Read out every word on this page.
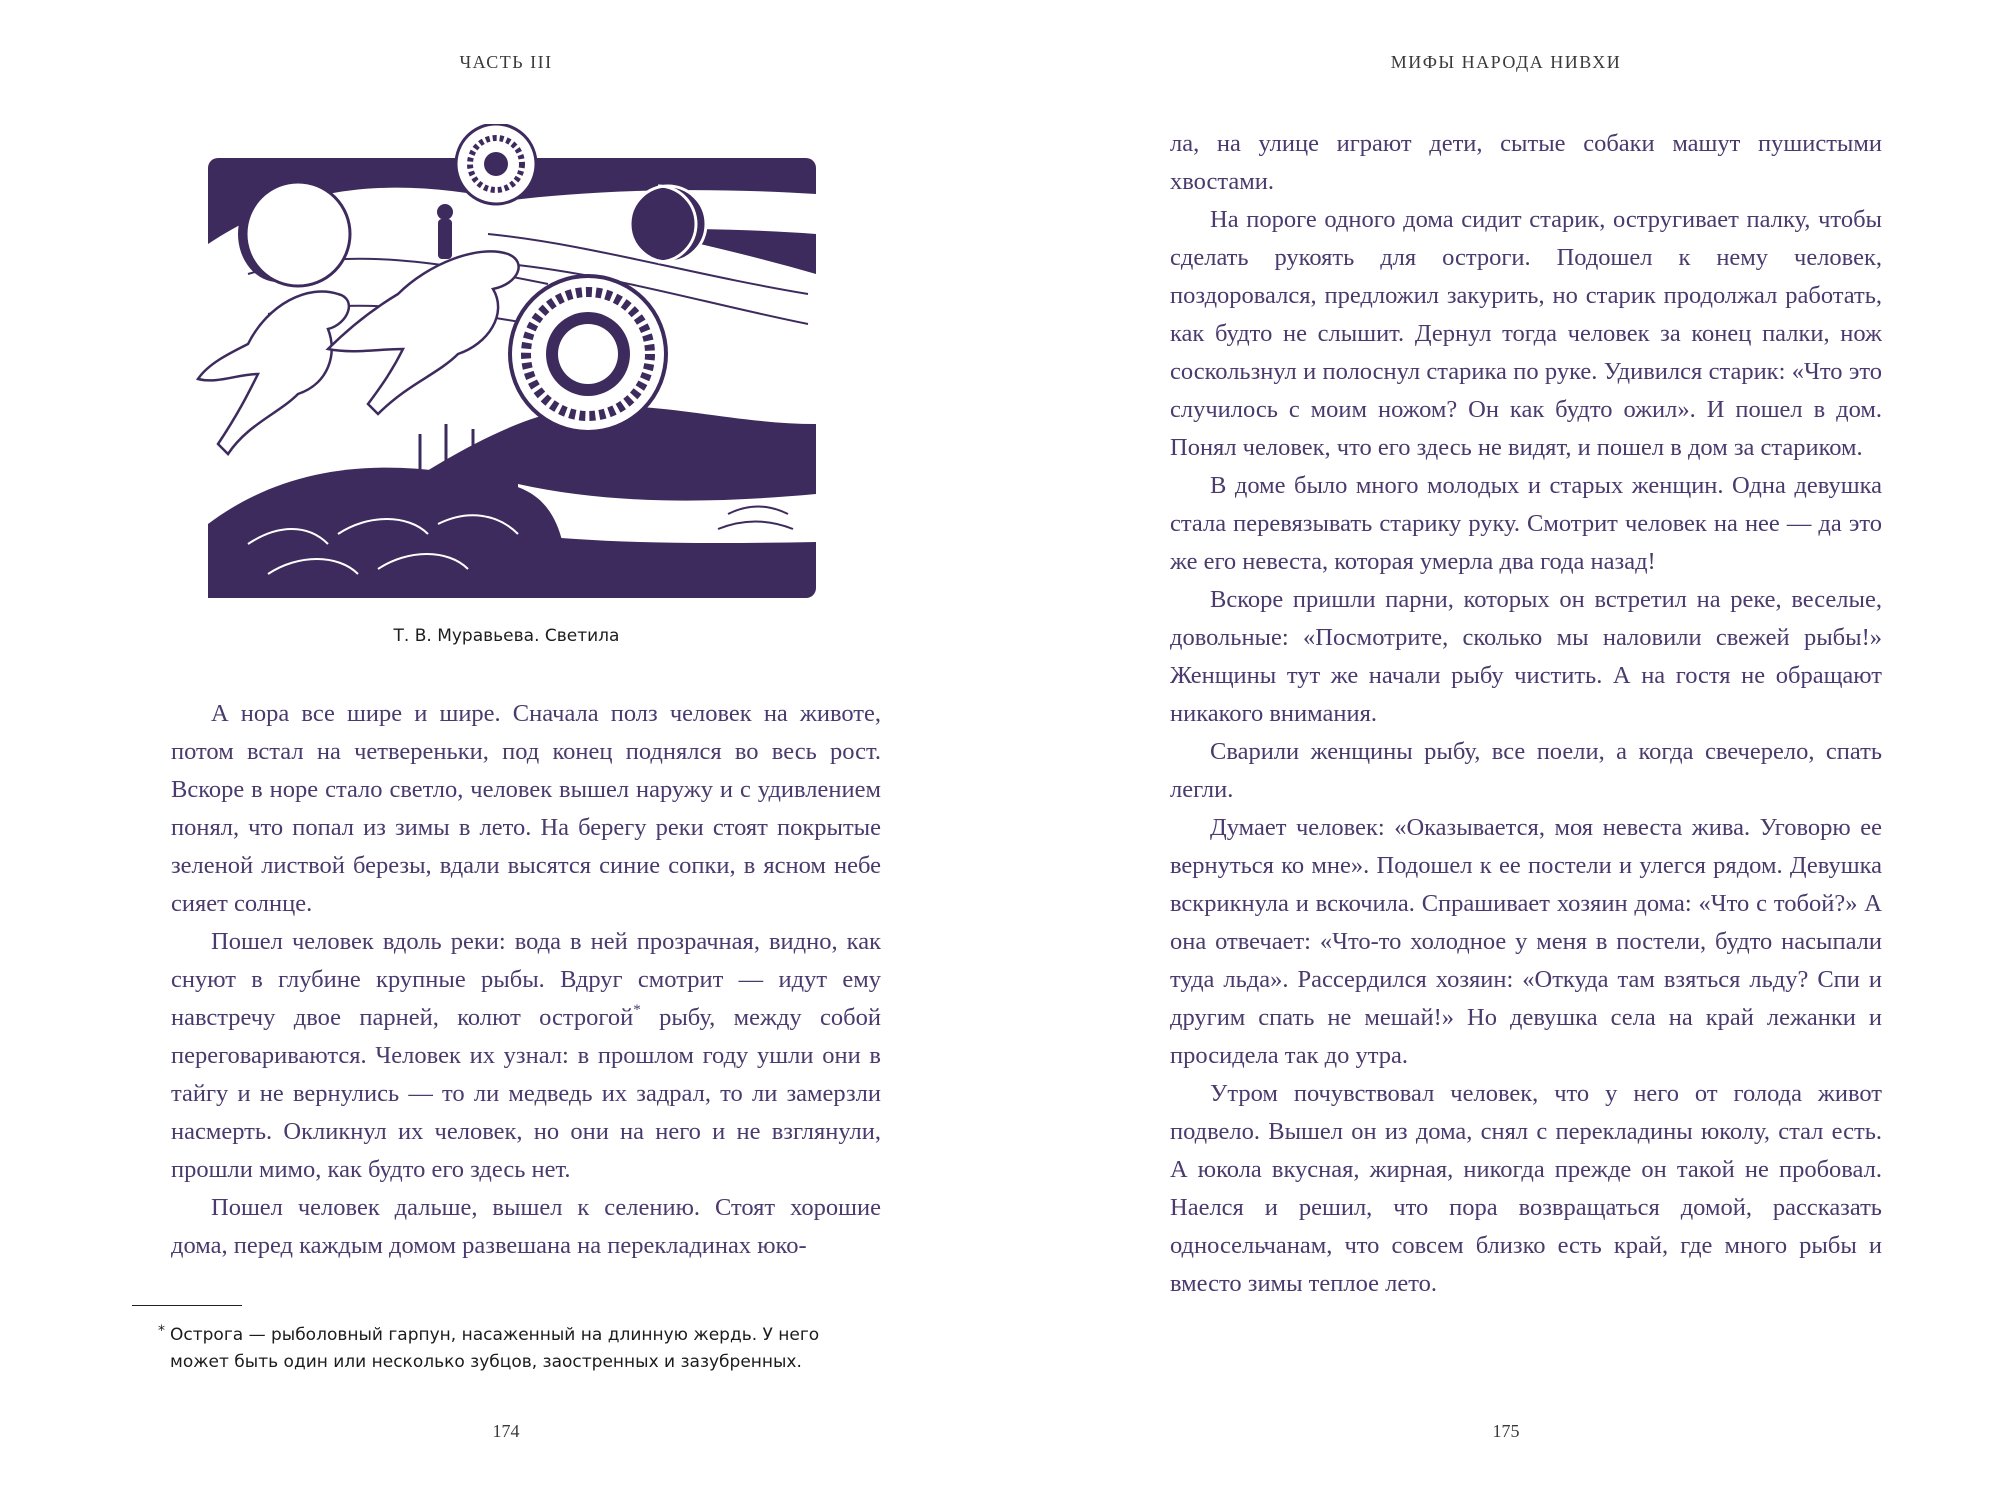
ЧАСТЬ III
Т. В. Муравьева. Светила

А нора все шире и шире. Сначала полз человек на животе, потом встал на четвереньки, под конец поднялся во весь рост. Вскоре в норе стало светло, человек вышел наружу и с удивлением понял, что попал из зимы в лето. На берегу реки стоят покрытые зеленой листвой березы, вдали высятся синие сопки, в ясном небе сияет солнце.

Пошел человек вдоль реки: вода в ней прозрачная, видно, как снуют в глубине крупные рыбы. Вдруг смотрит — идут ему навстречу двое парней, колют острогой* рыбу, между собой переговариваются. Человек их узнал: в прошлом году ушли они в тайгу и не вернулись — то ли медведь их задрал, то ли замерзли насмерть. Окликнул их человек, но они на него и не взглянули, прошли мимо, как будто его здесь нет.

Пошел человек дальше, вышел к селению. Стоят хорошие дома, перед каждым домом развешана на перекладинах юко-

* Острога — рыболовный гарпун, насаженный на длинную жердь. У него может быть один или несколько зубцов, заостренных и зазубренных.
174
МИФЫ НАРОДА НИВХИ

ла, на улице играют дети, сытые собаки машут пушистыми хвостами.

На пороге одного дома сидит старик, остругивает палку, чтобы сделать рукоять для остроги. Подошел к нему человек, поздоровался, предложил закурить, но старик продолжал работать, как будто не слышит. Дернул тогда человек за конец палки, нож соскользнул и полоснул старика по руке. Удивился старик: «Что это случилось с моим ножом? Он как будто ожил». И пошел в дом. Понял человек, что его здесь не видят, и пошел в дом за стариком.

В доме было много молодых и старых женщин. Одна девушка стала перевязывать старику руку. Смотрит человек на нее — да это же его невеста, которая умерла два года назад!

Вскоре пришли парни, которых он встретил на реке, веселые, довольные: «Посмотрите, сколько мы наловили свежей рыбы!» Женщины тут же начали рыбу чистить. А на гостя не обращают никакого внимания.

Сварили женщины рыбу, все поели, а когда свечерело, спать легли.

Думает человек: «Оказывается, моя невеста жива. Уговорю ее вернуться ко мне». Подошел к ее постели и улегся рядом. Девушка вскрикнула и вскочила. Спрашивает хозяин дома: «Что с тобой?» А она отвечает: «Что-то холодное у меня в постели, будто насыпали туда льда». Рассердился хозяин: «Откуда там взяться льду? Спи и другим спать не мешай!» Но девушка села на край лежанки и просидела так до утра.

Утром почувствовал человек, что у него от голода живот подвело. Вышел он из дома, снял с перекладины юколу, стал есть. А юкола вкусная, жирная, никогда прежде он такой не пробовал. Наелся и решил, что пора возвращаться домой, рассказать односельчанам, что совсем близко есть край, где много рыбы и вместо зимы теплое лето.

175
